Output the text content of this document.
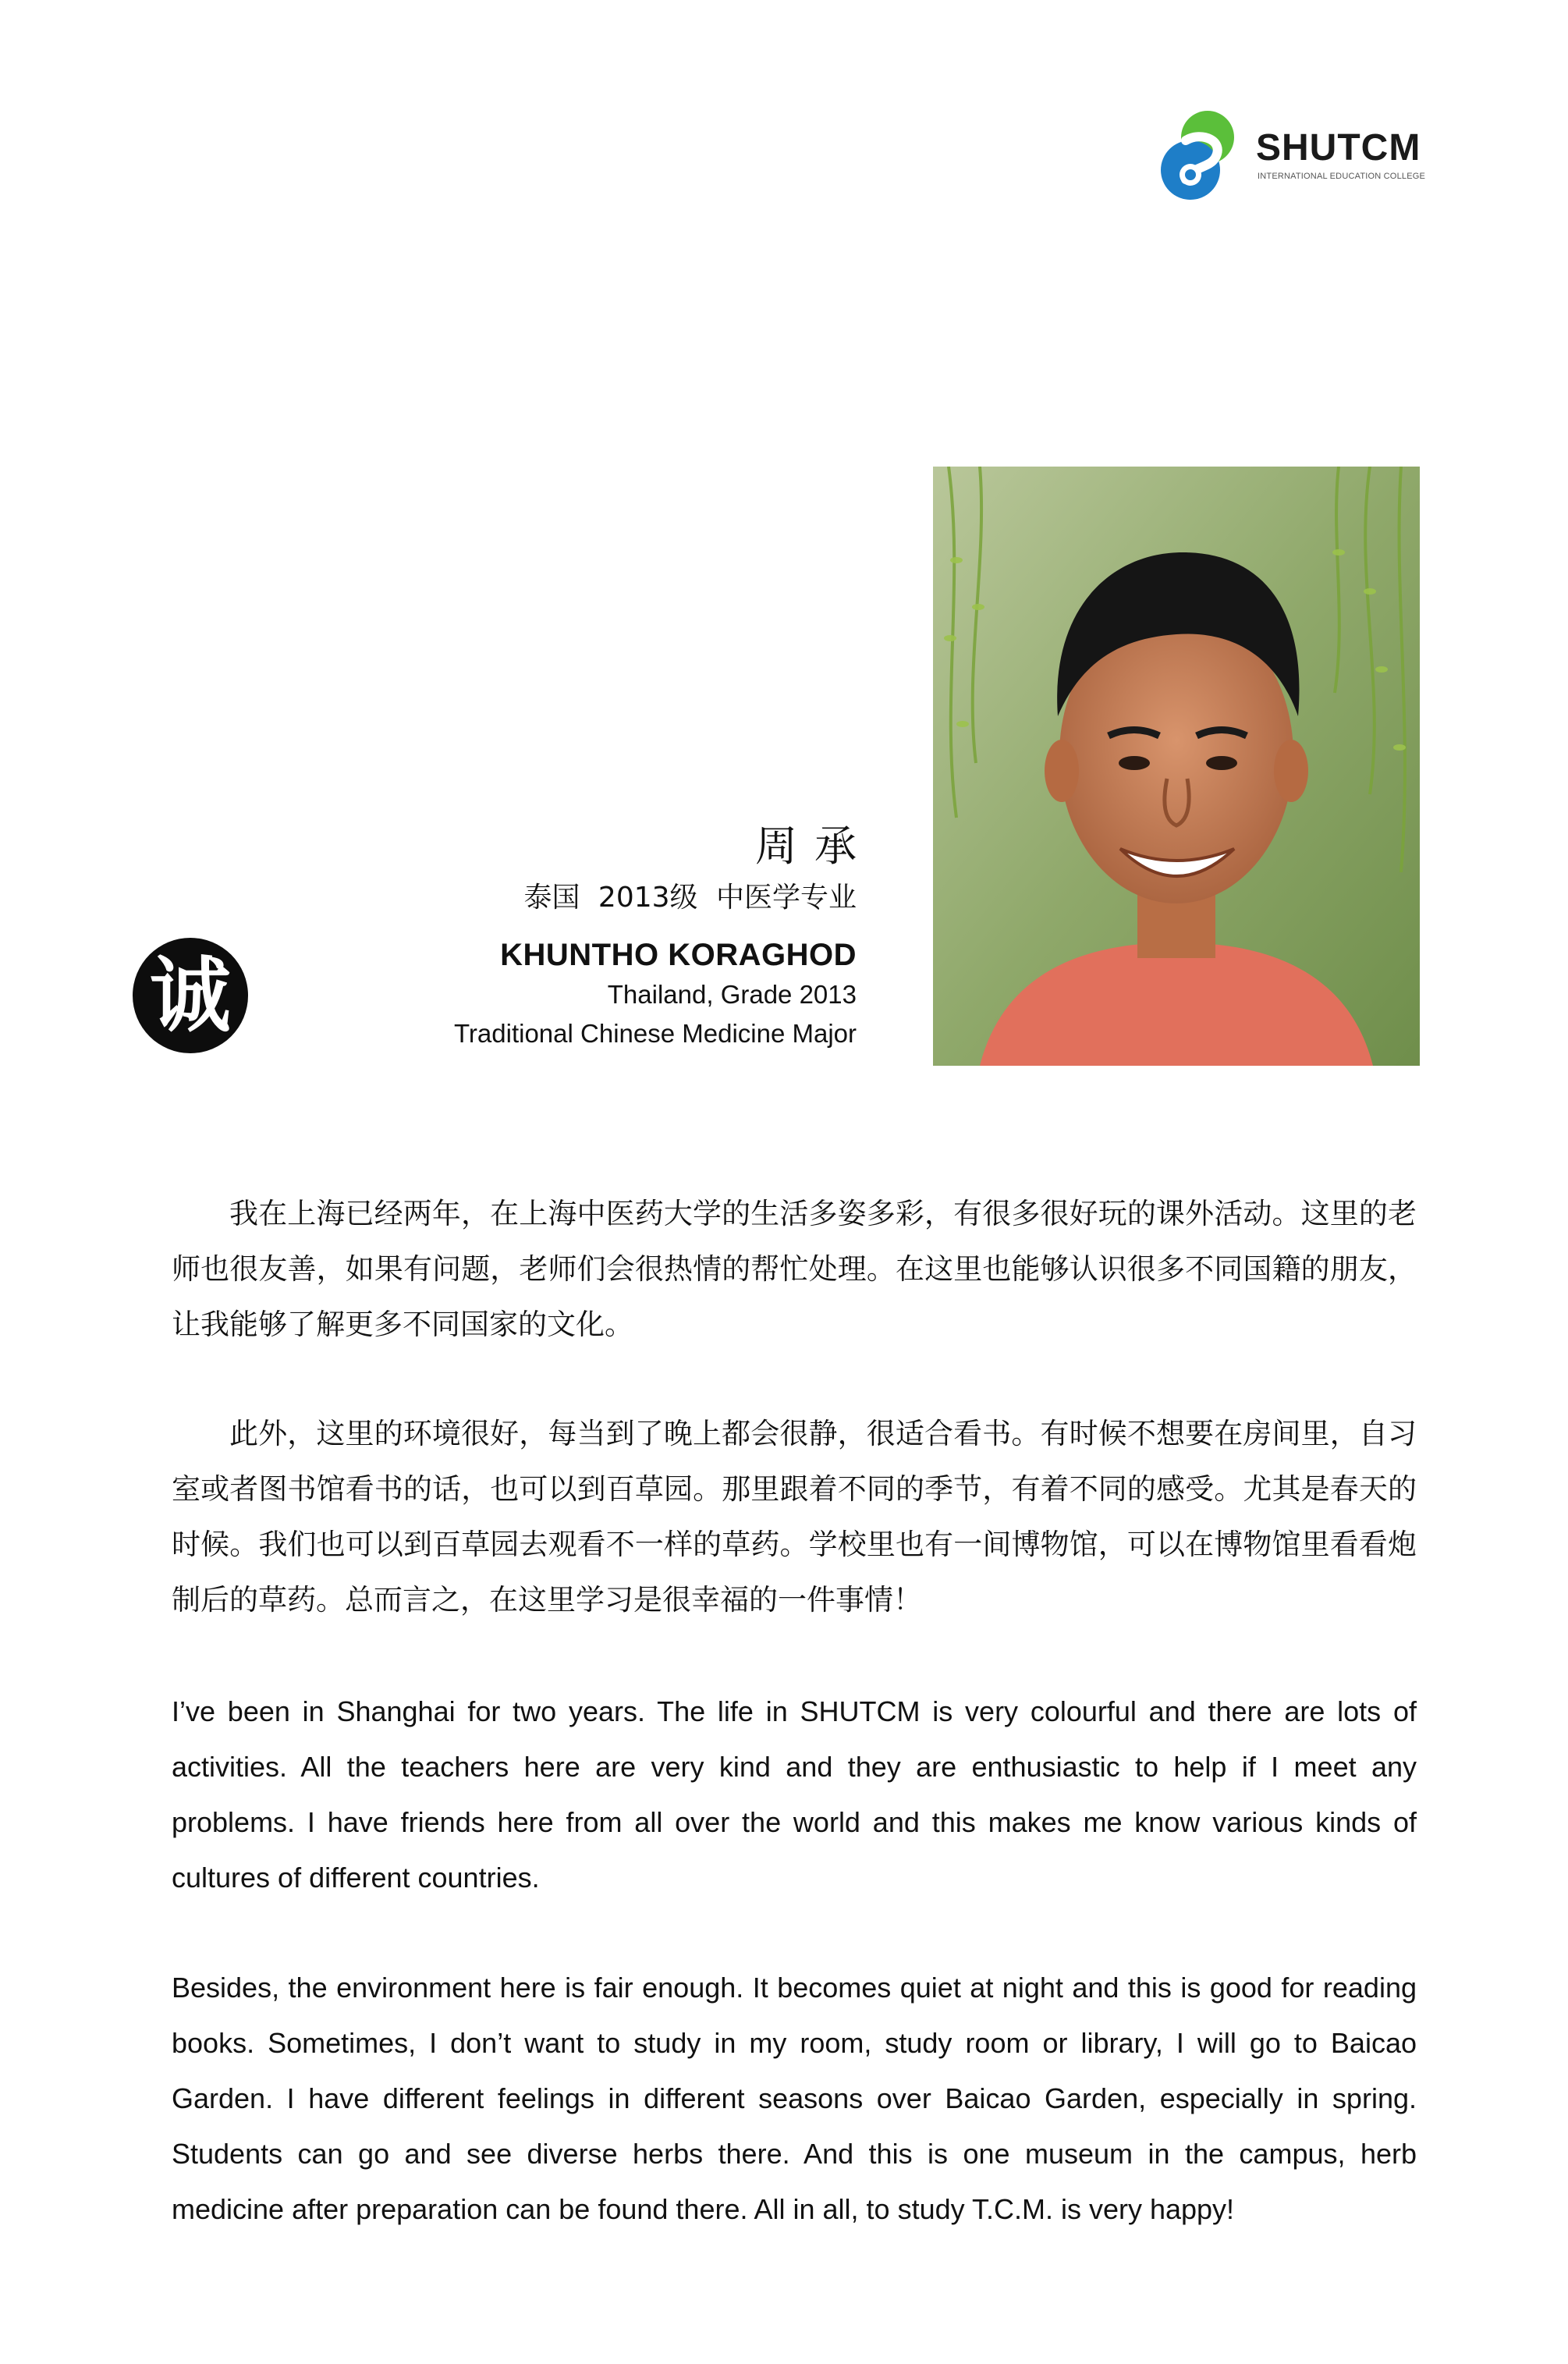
SHUTCM
INTERNATIONAL EDUCATION COLLEGE
诚
周承
泰国 2013级 中医学专业
KHUNTHO KORAGHOD
Thailand, Grade 2013
Traditional Chinese Medicine Major

我在上海已经两年，在上海中医药大学的生活多姿多彩，有很多很好玩的课外活动。这里的老师也很友善，如果有问题，老师们会很热情的帮忙处理。在这里也能够认识很多不同国籍的朋友，让我能够了解更多不同国家的文化。

此外，这里的环境很好，每当到了晚上都会很静，很适合看书。有时候不想要在房间里，自习室或者图书馆看书的话，也可以到百草园。那里跟着不同的季节，有着不同的感受。尤其是春天的时候。我们也可以到百草园去观看不一样的草药。学校里也有一间博物馆，可以在博物馆里看看炮制后的草药。总而言之，在这里学习是很幸福的一件事情！

I’ve been in Shanghai for two years. The life in SHUTCM is very colourful and there are lots of activities. All the teachers here are very kind and they are enthusiastic to help if I meet any problems. I have friends here from all over the world and this makes me know various kinds of cultures of different countries.

Besides, the environment here is fair enough. It becomes quiet at night and this is good for reading books. Sometimes, I don’t want to study in my room, study room or library, I will go to Baicao Garden. I have different feelings in different seasons over Baicao Garden, especially in spring. Students can go and see diverse herbs there. And this is one museum in the campus, herb medicine after preparation can be found there. All in all, to study T.C.M. is very happy!
